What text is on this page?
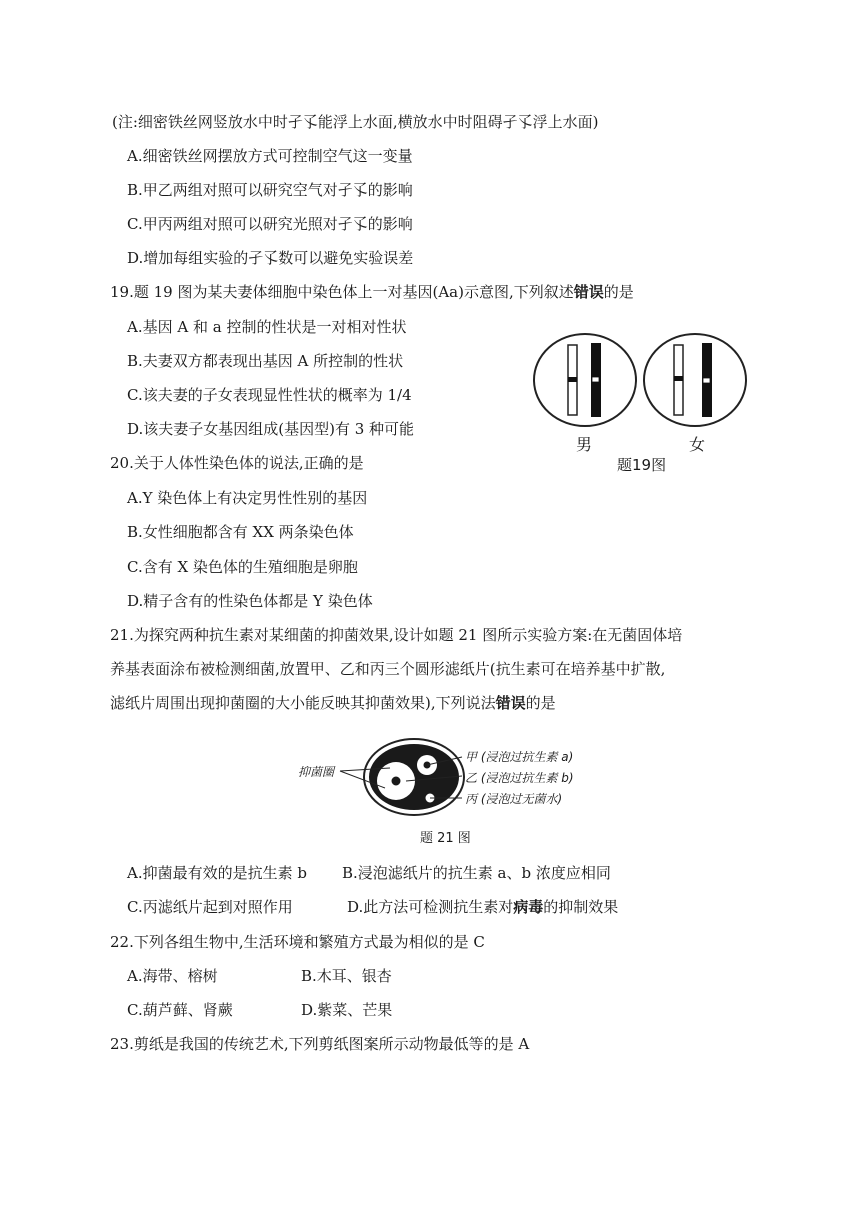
(注:细密铁丝网竖放水中时孑孓能浮上水面,横放水中时阻碍孑孓浮上水面)
A.细密铁丝网摆放方式可控制空气这一变量
B.甲乙两组对照可以研究空气对孑孓的影响
C.甲丙两组对照可以研究光照对孑孓的影响
D.增加每组实验的孑孓数可以避免实验误差
19.题 19 图为某夫妻体细胞中染色体上一对基因(Aa)示意图,下列叙述错误的是
A.基因 A 和 a 控制的性状是一对相对性状
B.夫妻双方都表现出基因 A 所控制的性状
C.该夫妻的子女表现显性性状的概率为 1/4
D.该夫妻子女基因组成(基因型)有 3 种可能
男	女
题19图
20.关于人体性染色体的说法,正确的是
A.Y 染色体上有决定男性性别的基因
B.女性细胞都含有 XX 两条染色体
C.含有 X 染色体的生殖细胞是卵胞
D.精子含有的性染色体都是 Y 染色体
21.为探究两种抗生素对某细菌的抑菌效果,设计如题 21 图所示实验方案:在无菌固体培
养基表面涂布被检测细菌,放置甲、乙和丙三个圆形滤纸片(抗生素可在培养基中扩散,
滤纸片周围出现抑菌圈的大小能反映其抑菌效果),下列说法错误的是
抑菌圈
甲 (浸泡过抗生素 a)
乙 (浸泡过抗生素 b)
丙 (浸泡过无菌水)
题 21 图
A.抑菌最有效的是抗生素 b B.浸泡滤纸片的抗生素 a、b 浓度应相同
C.丙滤纸片起到对照作用	D.此方法可检测抗生素对病毒的抑制效果
22.下列各组生物中,生活环境和繁殖方式最为相似的是 C
A.海带、榕树	B.木耳、银杏
C.葫芦藓、肾蕨	D.紫菜、芒果
23.剪纸是我国的传统艺术,下列剪纸图案所示动物最低等的是 A
